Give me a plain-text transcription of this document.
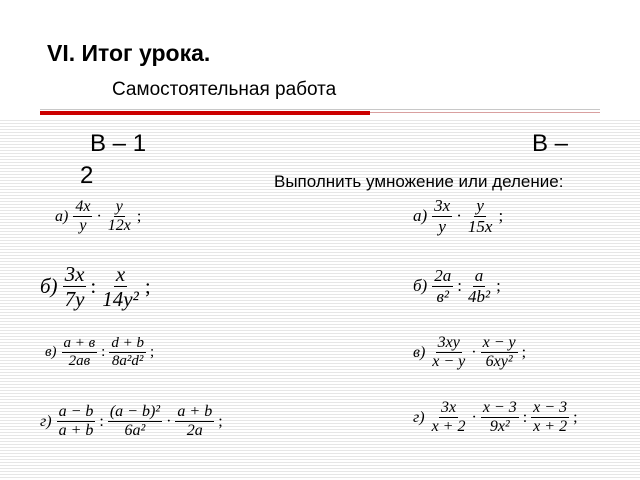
VI. Итог урока.
Самостоятельная работа
В – 1	В –
2	Выполнить умножение или деление:
$а) \frac{4x}{y} \cdot \frac{y}{12x}$ ;
$б) \frac{3x}{7y}$ : $\frac{x}{\text{14y²}}$ ;
$в) \frac{a + в}{2ав}$ : $\frac{d + b}{\text{8a²d²}}$ ;
$г) \frac{a - b}{a + b}$ : $\frac{\text{(a − b)²}}{\text{6a²}} \cdot \frac{a + b}{2a}$ ;
$а) \frac{3x}{y} \cdot \frac{y}{15x}$ ;
$б) \frac{2a}{\text{в²}}$ : $\frac{a}{\text{4b²}}$ ;
$в) \frac{3xy}{x - y} \cdot \frac{x - y}{\text{6xy²}}$ ;
$г) \frac{3x}{x + 2} \cdot \frac{x - 3}{\text{9x²}}$ : $\frac{x - 3}{x + 2}$ ;
